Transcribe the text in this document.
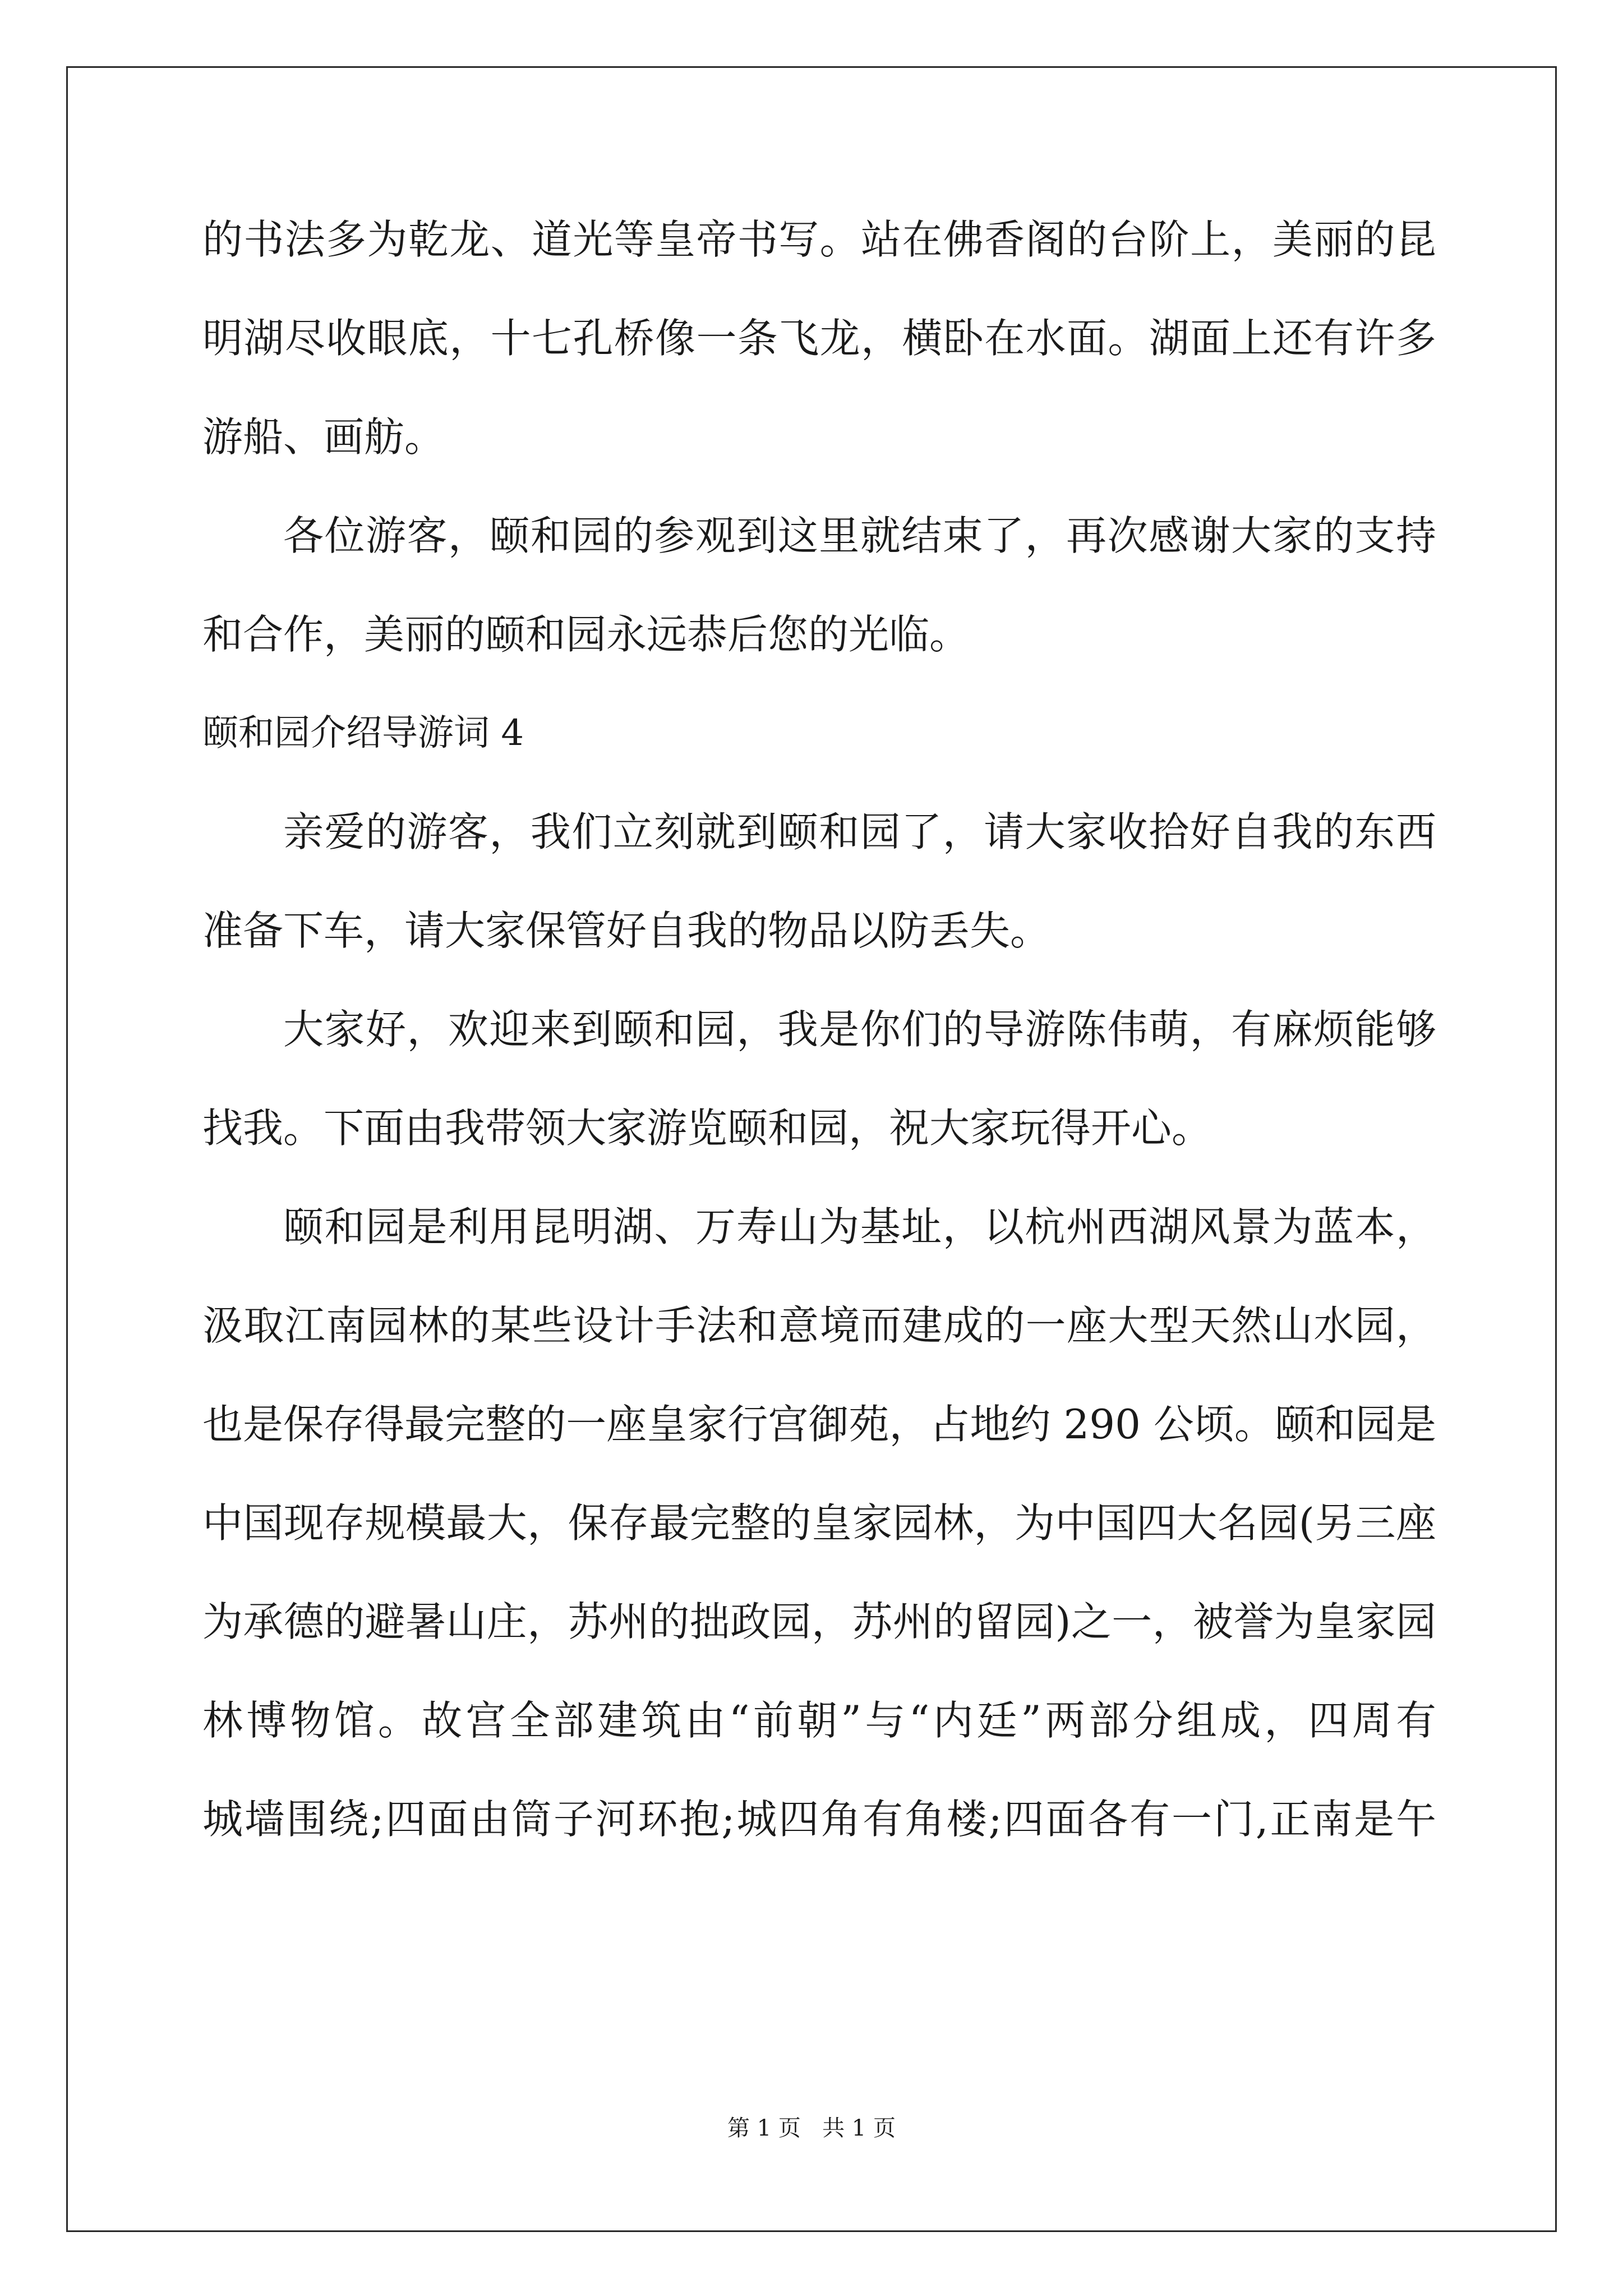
的书法多为乾龙、道光等皇帝书写。站在佛香阁的台阶上，美丽的昆
明湖尽收眼底，十七孔桥像一条飞龙，横卧在水面。湖面上还有许多
游船、画舫。
各位游客，颐和园的参观到这里就结束了，再次感谢大家的支持
和合作，美丽的颐和园永远恭后您的光临。
颐和园介绍导游词 4
亲爱的游客，我们立刻就到颐和园了，请大家收拾好自我的东西
准备下车，请大家保管好自我的物品以防丢失。
大家好，欢迎来到颐和园，我是你们的导游陈伟萌，有麻烦能够
找我。下面由我带领大家游览颐和园，祝大家玩得开心。
颐和园是利用昆明湖、万寿山为基址，以杭州西湖风景为蓝本，
汲取江南园林的某些设计手法和意境而建成的一座大型天然山水园，
也是保存得最完整的一座皇家行宫御苑，占地约 290 公顷。颐和园是
中国现存规模最大，保存最完整的皇家园林，为中国四大名园(另三座
为承德的避暑山庄，苏州的拙政园，苏州的留园)之一，被誉为皇家园
林博物馆。故宫全部建筑由“前朝”与“内廷”两部分组成，四周有
城墙围绕;四面由筒子河环抱;城四角有角楼;四面各有一门,正南是午
第 1 页   共 1 页
